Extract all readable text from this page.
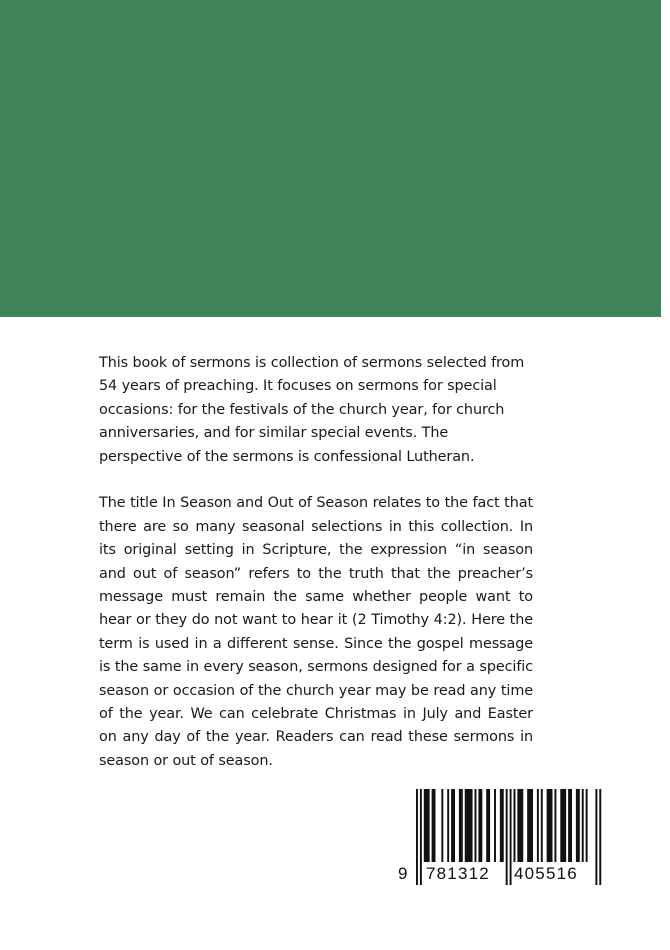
This book of sermons is collection of sermons selected from 54 years of preaching. It focuses on sermons for special occasions: for the festivals of the church year, for church anniversaries, and for similar special events. The perspective of the sermons is confessional Lutheran.

The title In Season and Out of Season relates to the fact that there are so many seasonal selections in this collection. In its original setting in Scripture, the expression “in season and out of season” refers to the truth that the preacher’s message must remain the same whether people want to hear or they do not want to hear it (2 Timothy 4:2). Here the term is used in a different sense. Since the gospel message is the same in every season, sermons designed for a specific season or occasion of the church year may be read any time of the year. We can celebrate Christmas in July and Easter on any day of the year. Readers can read these sermons in season or out of season.

9 781312 405516
